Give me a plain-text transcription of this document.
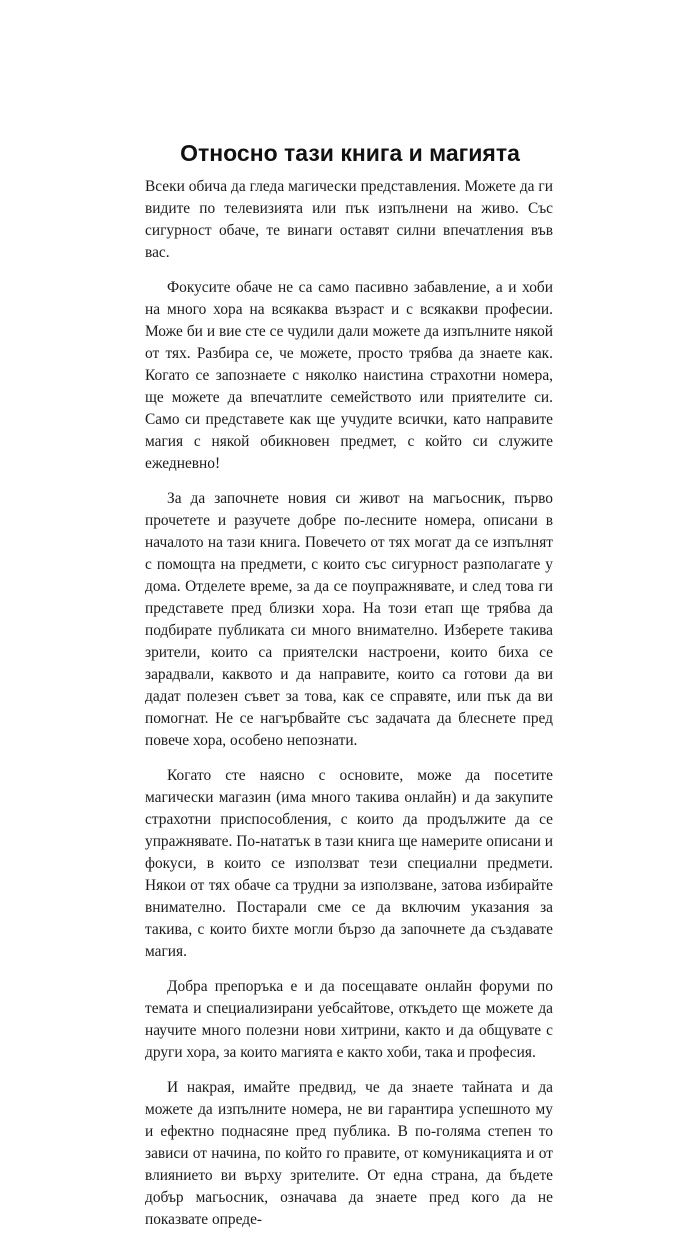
Относно тази книга и магията

Всеки обича да гледа магически представления. Можете да ги видите по телевизията или пък изпълнени на живо. Със сигурност обаче, те винаги оставят силни впечатления във вас.

Фокусите обаче не са само пасивно забавление, а и хоби на много хора на всякаква възраст и с всякакви професии. Може би и вие сте се чудили дали можете да изпълните някой от тях. Разбира се, че можете, просто трябва да знаете как. Когато се запознаете с няколко наистина страхотни номера, ще можете да впечатлите семейството или приятелите си. Само си представете как ще учудите всички, като направите магия с някой обикновен предмет, с който си служите ежедневно!

За да започнете новия си живот на магьосник, първо прочетете и разучете добре по-лесните номера, описани в началото на тази книга. Повечето от тях могат да се изпълнят с помощта на предмети, с които със сигурност разполагате у дома. Отделете време, за да се поупражнявате, и след това ги представете пред близки хора. На този етап ще трябва да подбирате публиката си много внимателно. Изберете такива зрители, които са приятелски настроени, които биха се зарадвали, каквото и да направите, които са готови да ви дадат полезен съвет за това, как се справяте, или пък да ви помогнат. Не се нагърбвайте със задачата да блеснете пред повече хора, особено непознати.

Когато сте наясно с основите, може да посетите магически магазин (има много такива онлайн) и да закупите страхотни приспособления, с които да продължите да се упражнявате. По-нататък в тази книга ще намерите описани и фокуси, в които се използват тези специални предмети. Някои от тях обаче са трудни за използване, затова избирайте внимателно. Постарали сме се да включим указания за такива, с които бихте могли бързо да започнете да създавате магия.

Добра препоръка е и да посещавате онлайн форуми по темата и специализирани уебсайтове, откъдето ще можете да научите много полезни нови хитрини, както и да общувате с други хора, за които магията е както хоби, така и професия.

И накрая, имайте предвид, че да знаете тайната и да можете да изпълните номера, не ви гарантира успешното му и ефектно поднасяне пред публика. В по-голяма степен то зависи от начина, по който го правите, от комуникацията и от влиянието ви върху зрителите. От една страна, да бъдете добър магьосник, означава да знаете пред кого да не показвате опреде-
